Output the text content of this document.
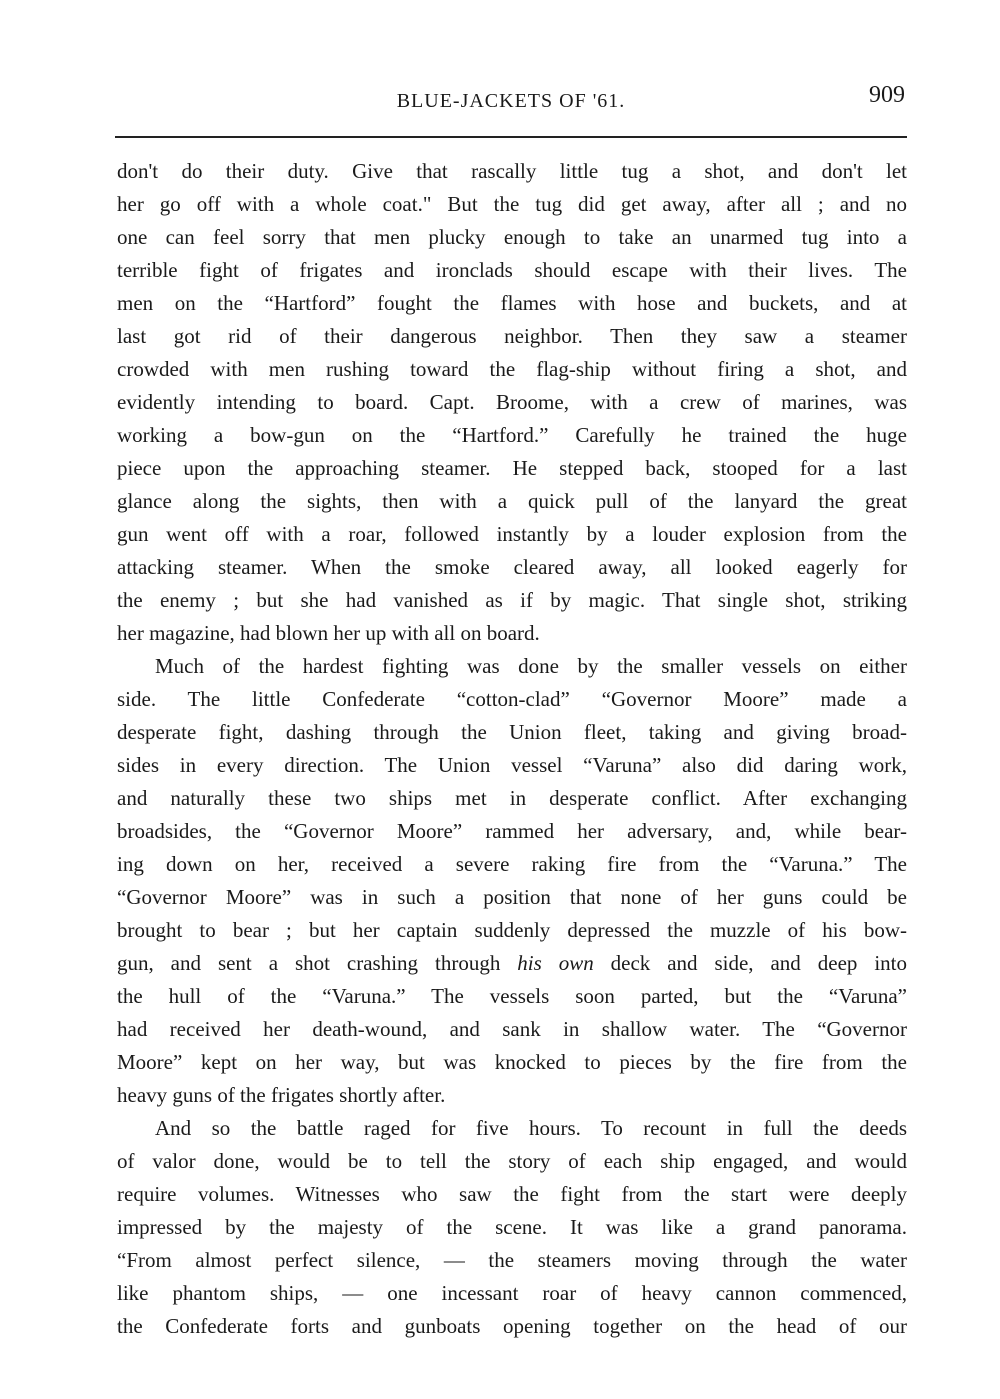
BLUE-JACKETS OF '61.	909
don't do their duty. Give that rascally little tug a shot, and don't let
her go off with a whole coat." But the tug did get away, after all ; and no
one can feel sorry that men plucky enough to take an unarmed tug into a
terrible fight of frigates and ironclads should escape with their lives. The
men on the “Hartford” fought the flames with hose and buckets, and at
last got rid of their dangerous neighbor. Then they saw a steamer
crowded with men rushing toward the flag-ship without firing a shot, and
evidently intending to board. Capt. Broome, with a crew of marines, was
working a bow-gun on the “Hartford.” Carefully he trained the huge
piece upon the approaching steamer. He stepped back, stooped for a last
glance along the sights, then with a quick pull of the lanyard the great
gun went off with a roar, followed instantly by a louder explosion from the
attacking steamer. When the smoke cleared away, all looked eagerly for
the enemy ; but she had vanished as if by magic. That single shot, striking
her magazine, had blown her up with all on board.
Much of the hardest fighting was done by the smaller vessels on either
side. The little Confederate “cotton-clad” “Governor Moore” made a
desperate fight, dashing through the Union fleet, taking and giving broad-
sides in every direction. The Union vessel “Varuna” also did daring work,
and naturally these two ships met in desperate conflict. After exchanging
broadsides, the “Governor Moore” rammed her adversary, and, while bear-
ing down on her, received a severe raking fire from the “Varuna.” The
“Governor Moore” was in such a position that none of her guns could be
brought to bear ; but her captain suddenly depressed the muzzle of his bow-
gun, and sent a shot crashing through his own deck and side, and deep into
the hull of the “Varuna.” The vessels soon parted, but the “Varuna”
had received her death-wound, and sank in shallow water. The “Governor
Moore” kept on her way, but was knocked to pieces by the fire from the
heavy guns of the frigates shortly after.
And so the battle raged for five hours. To recount in full the deeds
of valor done, would be to tell the story of each ship engaged, and would
require volumes. Witnesses who saw the fight from the start were deeply
impressed by the majesty of the scene. It was like a grand panorama.
“From almost perfect silence, — the steamers moving through the water
like phantom ships, — one incessant roar of heavy cannon commenced,
the Confederate forts and gunboats opening together on the head of our
